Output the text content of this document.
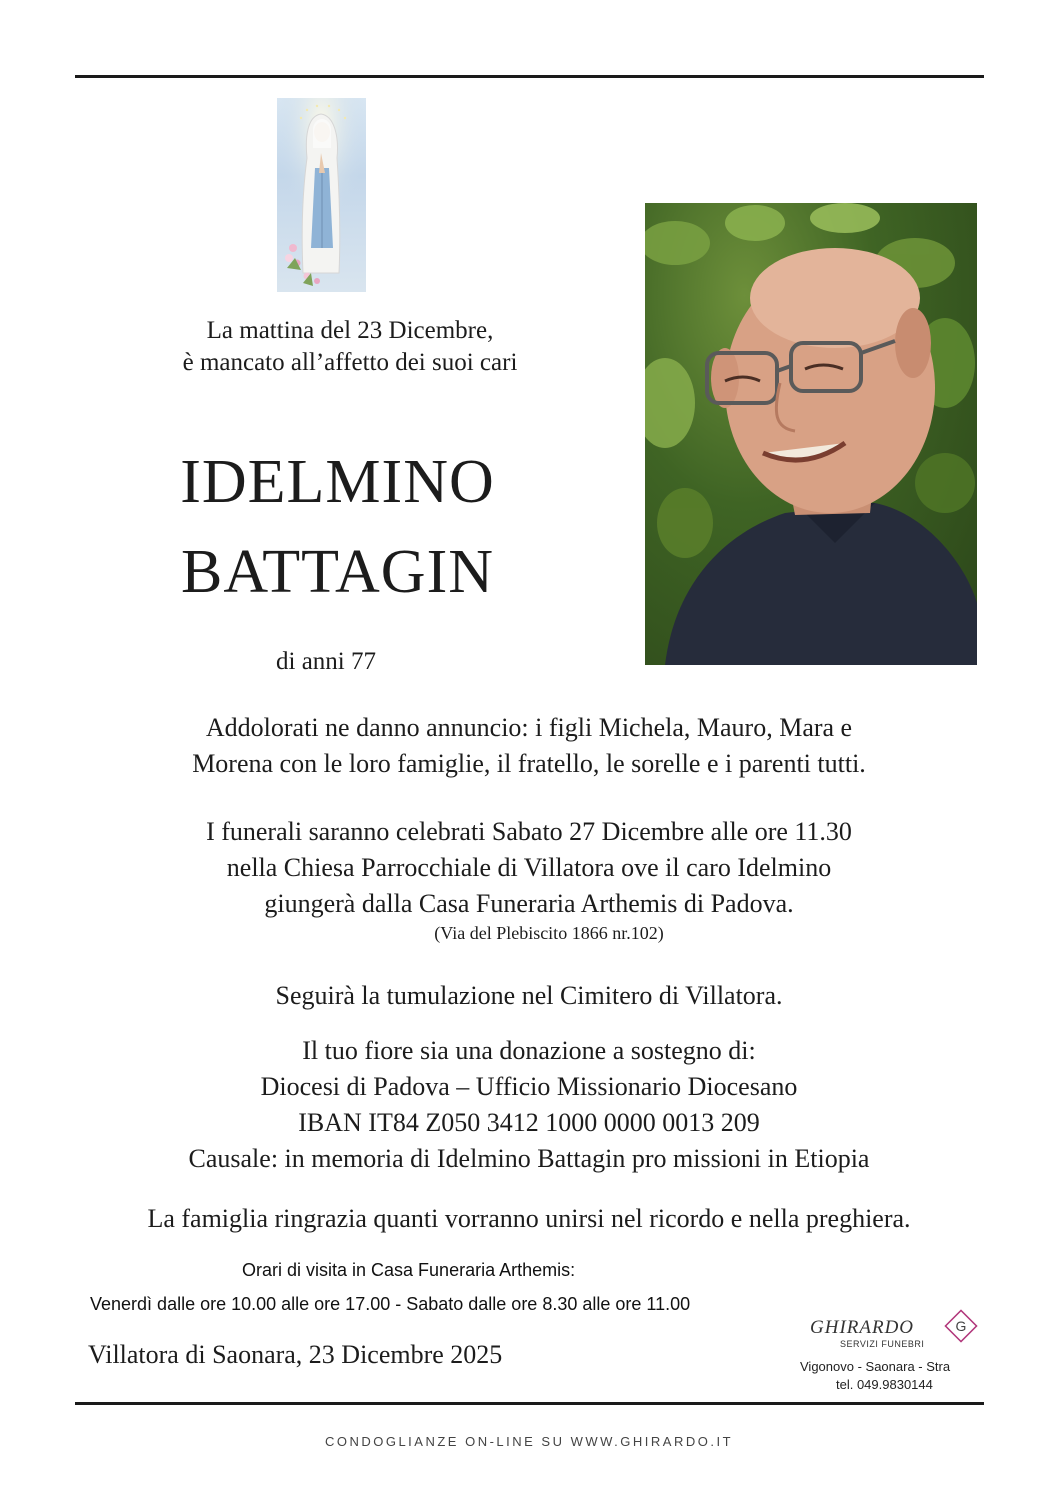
La mattina del 23 Dicembre,
è mancato all’affetto dei suoi cari
IDELMINO
BATTAGIN
di anni 77
Addolorati ne danno annuncio: i figli Michela, Mauro, Mara e
Morena con le loro famiglie, il fratello, le sorelle e i parenti tutti.
I funerali saranno celebrati Sabato 27 Dicembre alle ore 11.30
nella Chiesa Parrocchiale di Villatora ove il caro Idelmino
giungerà dalla Casa Funeraria Arthemis di Padova.
(Via del Plebiscito 1866 nr.102)
Seguirà la tumulazione nel Cimitero di Villatora.
Il tuo fiore sia una donazione a sostegno di:
Diocesi di Padova – Ufficio Missionario Diocesano
IBAN IT84 Z050 3412 1000 0000 0013 209
Causale: in memoria di Idelmino Battagin pro missioni in Etiopia
La famiglia ringrazia quanti vorranno unirsi nel ricordo e nella preghiera.
Orari di visita in Casa Funeraria Arthemis:
Venerdì dalle ore 10.00 alle ore 17.00 - Sabato dalle ore 8.30 alle ore 11.00
Villatora di Saonara, 23 Dicembre 2025
GHIRARDO
SERVIZI FUNEBRI
G
Vigonovo - Saonara - Stra
tel. 049.9830144
CONDOGLIANZE ON-LINE SU WWW.GHIRARDO.IT
